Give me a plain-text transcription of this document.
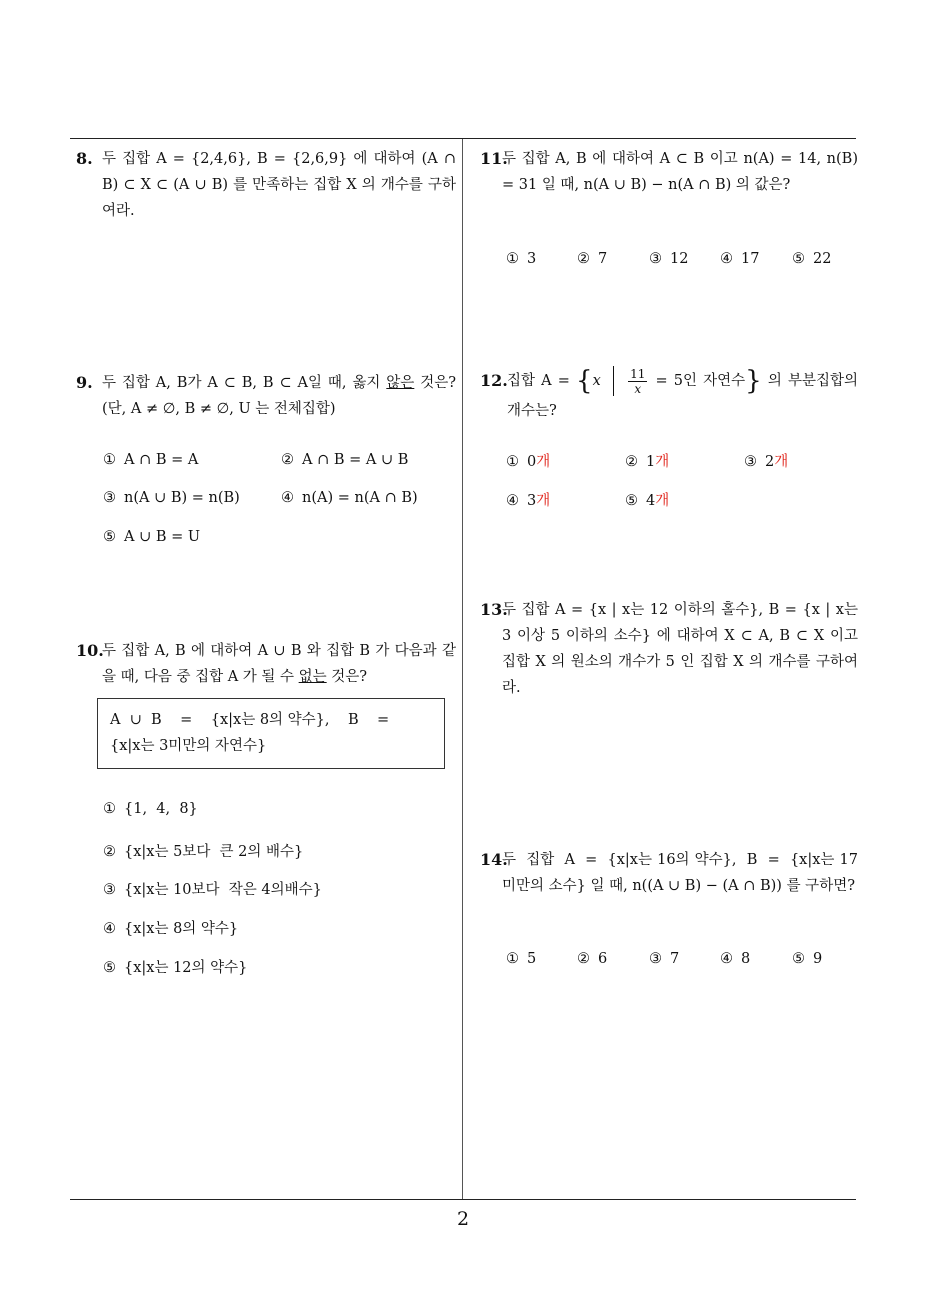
8. 두 집합 A = {2,4,6}, B = {2,6,9} 에 대하여 (A ∩ B) ⊂ X ⊂ (A ∪ B) 를 만족하는 집합 X 의 개수를 구하여라.
9. 두 집합 A, B가 A ⊂ B, B ⊂ A일 때, 옳지 않은 것은? (단, A ≠ ∅, B ≠ ∅, U 는 전체집합)
① A ∩ B = A	② A ∩ B = A ∪ B
③ n(A ∪ B) = n(B)	④ n(A) = n(A ∩ B)
⑤ A ∪ B = U
10.
두 집합 A, B 에 대하여 A ∪ B 와 집합 B 가 다음과 같을 때, 다음 중 집합 A 가 될 수 없는 것은?
A  ∪  B    =    {x|x는 8의 약수},    B    =
{x|x는 3미만의 자연수}
① {1,  4,  8}
② {x|x는 5보다  큰 2의 배수}
③ {x|x는 10보다  작은 4의배수}
④ {x|x는 8의 약수}
⑤ {x|x는 12의 약수}
11.
두 집합 A, B 에 대하여 A ⊂ B 이고 n(A) = 14, n(B) = 31 일 때, n(A ∪ B) − n(A ∩ B) 의 값은?
① 3	② 7	③ 12 ④ 17 ⑤ 22
12. 집합 $A = \{x \frac{11}{x} = 5$인 자연수} 의 부분집합의 개수는?
① 0개	② 1개	③ 2개
④ 3개	⑤ 4개
13.
두 집합 A = {x | x는 12 이하의 홀수}, B = {x | x는 3 이상 5 이하의 소수} 에 대하여 X ⊂ A, B ⊂ X 이고 집합 X 의 원소의 개수가 5 인 집합 X 의 개수를 구하여라.
14.
두  집합  A  =  {x|x는 16의 약수},  B  =  {x|x는 17 미만의 소수} 일 때, n((A ∪ B) − (A ∩ B)) 를 구하면?
① 5	② 6	③ 7	④ 8	⑤ 9
2
